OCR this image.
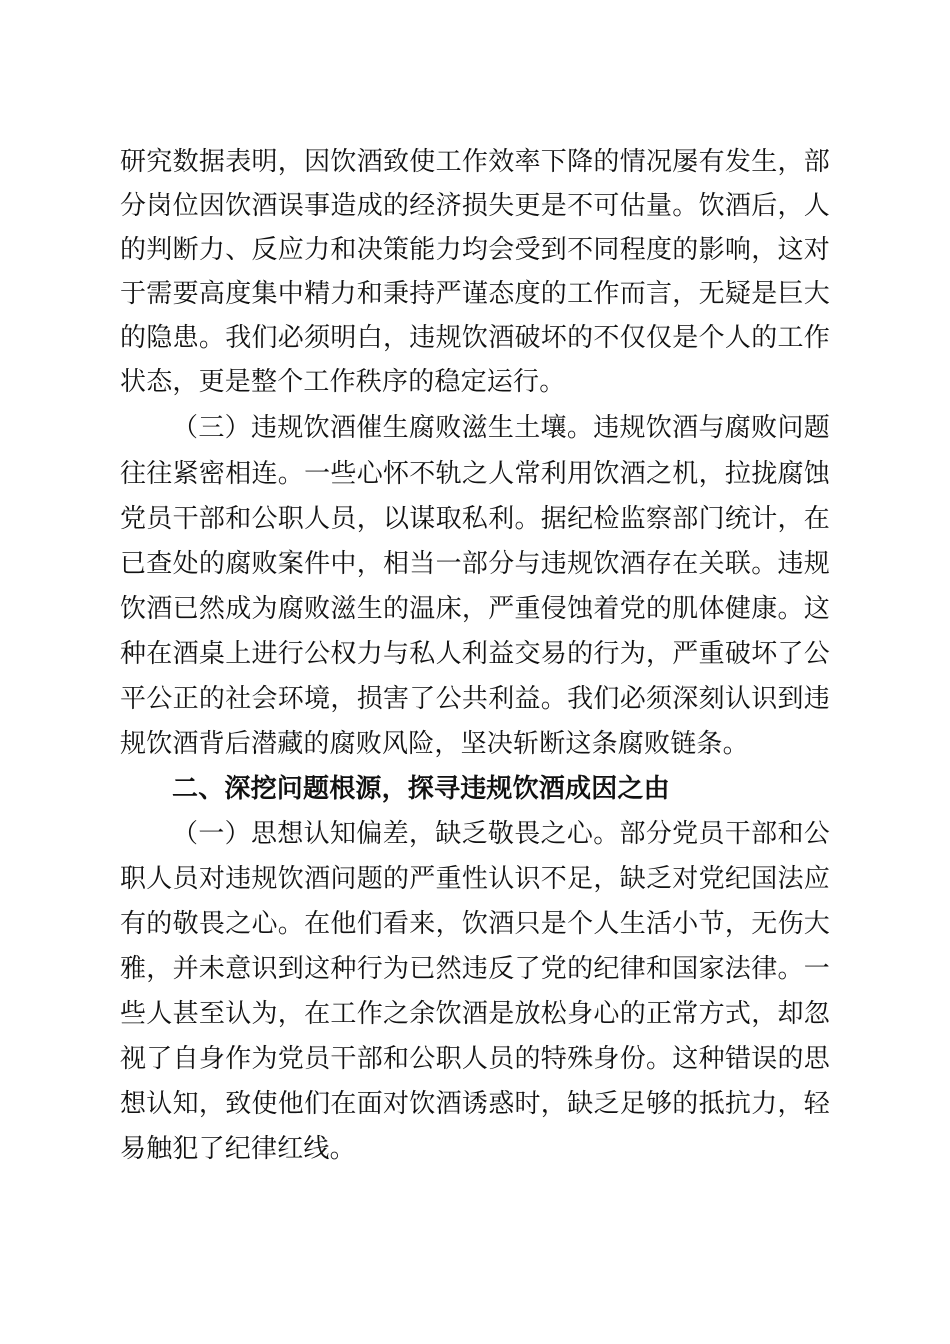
研究数据表明，因饮酒致使工作效率下降的情况屡有发生，部
分岗位因饮酒误事造成的经济损失更是不可估量。饮酒后，人
的判断力、反应力和决策能力均会受到不同程度的影响，这对
于需要高度集中精力和秉持严谨态度的工作而言，无疑是巨大
的隐患。我们必须明白，违规饮酒破坏的不仅仅是个人的工作
状态，更是整个工作秩序的稳定运行。
（三）违规饮酒催生腐败滋生土壤。违规饮酒与腐败问题
往往紧密相连。一些心怀不轨之人常利用饮酒之机，拉拢腐蚀
党员干部和公职人员，以谋取私利。据纪检监察部门统计，在
已查处的腐败案件中，相当一部分与违规饮酒存在关联。违规
饮酒已然成为腐败滋生的温床，严重侵蚀着党的肌体健康。这
种在酒桌上进行公权力与私人利益交易的行为，严重破坏了公
平公正的社会环境，损害了公共利益。我们必须深刻认识到违
规饮酒背后潜藏的腐败风险，坚决斩断这条腐败链条。
二、深挖问题根源，探寻违规饮酒成因之由
（一）思想认知偏差，缺乏敬畏之心。部分党员干部和公
职人员对违规饮酒问题的严重性认识不足，缺乏对党纪国法应
有的敬畏之心。在他们看来，饮酒只是个人生活小节，无伤大
雅，并未意识到这种行为已然违反了党的纪律和国家法律。一
些人甚至认为，在工作之余饮酒是放松身心的正常方式，却忽
视了自身作为党员干部和公职人员的特殊身份。这种错误的思
想认知，致使他们在面对饮酒诱惑时，缺乏足够的抵抗力，轻
易触犯了纪律红线。
